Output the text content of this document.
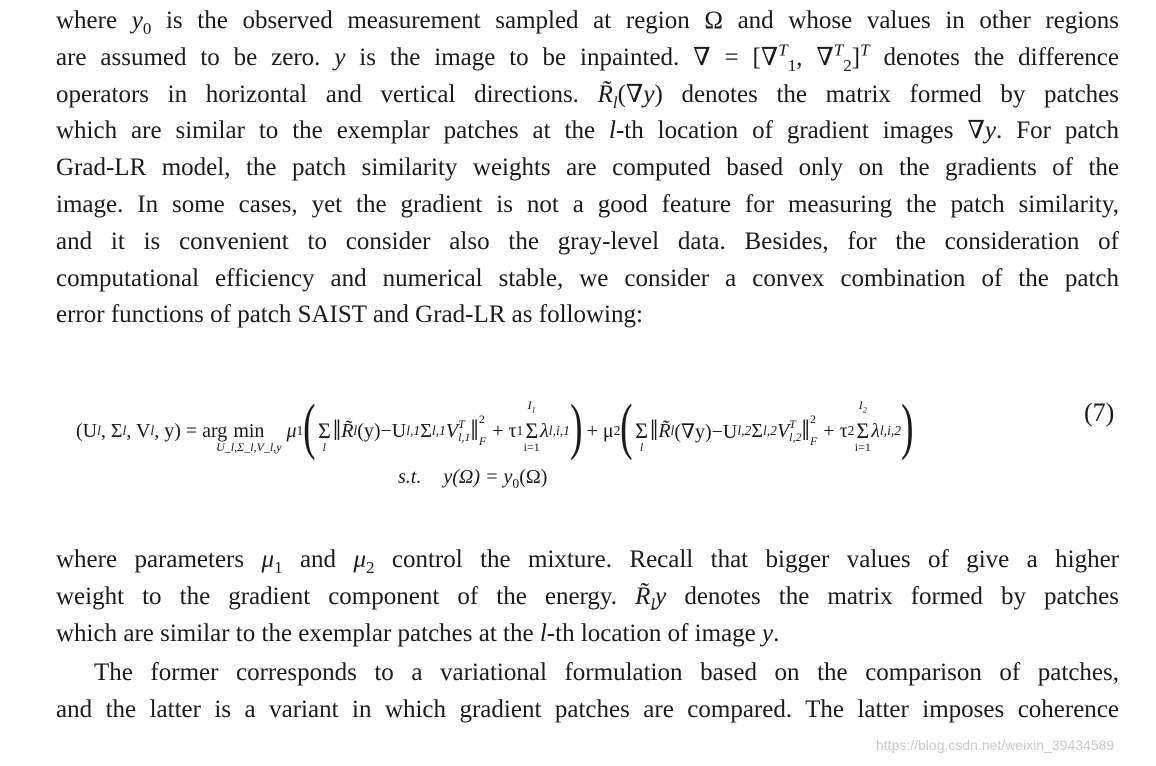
where $y_0$ is the observed measurement sampled at region Ω and whose values in other regions
are assumed to be zero. y is the image to be inpainted. ∇ = [∇$^T_1$, ∇$^T_2$]$^T$ denotes the difference
operators in horizontal and vertical directions. $R̃_l(\nabla y)$ denotes the matrix formed by patches
which are similar to the exemplar patches at the l-th location of gradient images ∇y. For patch
Grad-LR model, the patch similarity weights are computed based only on the gradients of the
image. In some cases, yet the gradient is not a good feature for measuring the patch similarity,
and it is convenient to consider also the gray-level data. Besides, for the consideration of
computational efficiency and numerical stable, we consider a convex combination of the patch
error functions of patch SAIST and Grad-LR as following:

(U l , Σ l , V l , y) = arg min
U_l,Σ_l,V_l,y
μ 1 ( Σ
l ‖ R̃ l (y)−U l,1 Σ l,1 V T
l,1 ‖ 2
F + τ 1
$I_1$
Σ
i=1
λ l,i,1 ) + μ 2 ( Σ
l ‖ R̃ l (∇y)−U l,2 Σ l,2 V T
l,2 ‖ 2
F + τ 2
$I_2$
Σ
i=1
λ l,i,2 )	(7)
s.t. $y(\Omega) = y_0(\Omega)$

where parameters $\mu_1$ and $\mu_2$ control the mixture. Recall that bigger values of give a higher
weight to the gradient component of the energy. $R̃_ly$ denotes the matrix formed by patches
which are similar to the exemplar patches at the l-th location of image y.

The former corresponds to a variational formulation based on the comparison of patches,
and the latter is a variant in which gradient patches are compared. The latter imposes coherence

https://blog.csdn.net/weixin_39434589
